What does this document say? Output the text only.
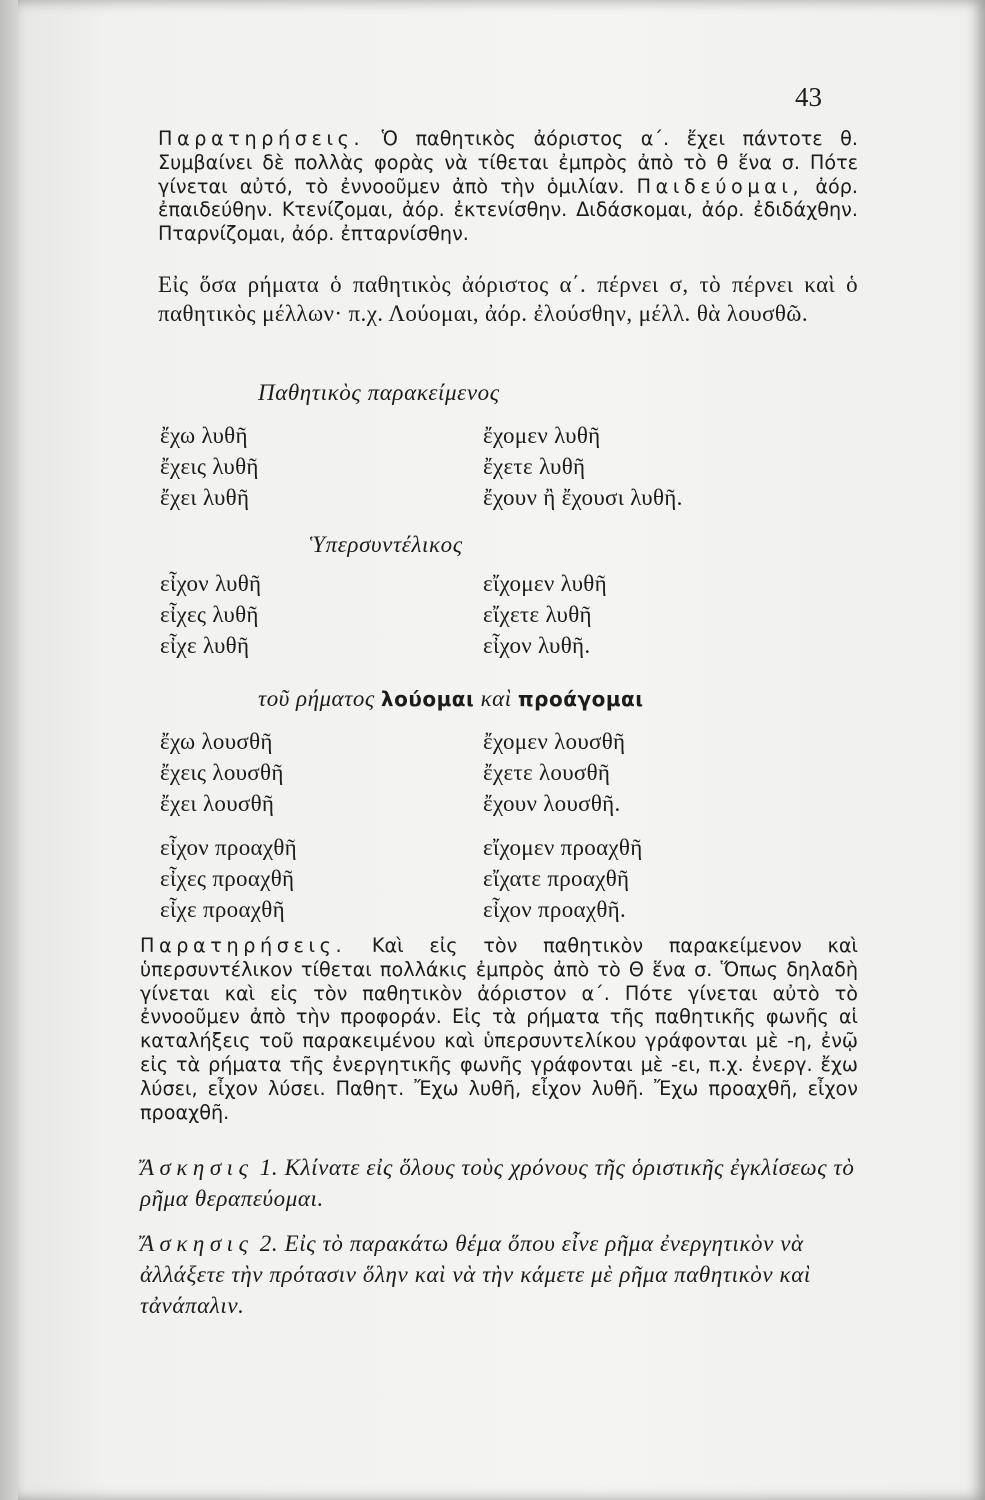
43

Παρατηρήσεις. Ὁ παθητικὸς ἀόριστος α΄. ἔχει πάντοτε θ. Συμβαίνει δὲ πολλὰς φορὰς νὰ τίθεται ἐμπρὸς ἀπὸ τὸ θ ἕνα σ. Πότε γίνεται αὐτό, τὸ ἐννοοῦμεν ἀπὸ τὴν ὁμιλίαν. Παιδεύομαι, ἀόρ. ἐπαιδεύθην. Κτενίζομαι, ἀόρ. ἐκτενίσθην. Διδάσκομαι, ἀόρ. ἐδιδάχθην. Πταρνίζομαι, ἀόρ. ἐπταρνίσθην.

Εἰς ὅσα ρήματα ὁ παθητικὸς ἀόριστος α΄. πέρνει σ, τὸ πέρνει καὶ ὁ παθητικὸς μέλλων· π.χ. Λούομαι, ἀόρ. ἐλούσθην, μέλλ. θὰ λουσθῶ.

Παθητικὸς παρακείμενος
ἔχω λυθῆ
ἔχεις λυθῆ
ἔχει λυθῆ
ἔχομεν λυθῆ
ἔχετε λυθῆ
ἔχουν ἢ ἔχουσι λυθῆ.
Ὑπερσυντέλικος
εἶχον λυθῆ
εἶχες λυθῆ
εἶχε λυθῆ
εἴχομεν λυθῆ
εἴχετε λυθῆ
εἶχον λυθῆ.
τοῦ ρήματος λούομαι καὶ προάγομαι
ἔχω λουσθῆ
ἔχεις λουσθῆ
ἔχει λουσθῆ
ἔχομεν λουσθῆ
ἔχετε λουσθῆ
ἔχουν λουσθῆ.
εἶχον προαχθῆ
εἶχες προαχθῆ
εἶχε προαχθῆ
εἴχομεν προαχθῆ
εἴχατε προαχθῆ
εἶχον προαχθῆ.

Παρατηρήσεις. Καὶ εἰς τὸν παθητικὸν παρακείμενον καὶ ὑπερσυντέλικον τίθεται πολλάκις ἐμπρὸς ἀπὸ τὸ Θ ἕνα σ. Ὅπως δηλαδὴ γίνεται καὶ εἰς τὸν παθητικὸν ἀόριστον α΄. Πότε γίνεται αὐτὸ τὸ ἐννοοῦμεν ἀπὸ τὴν προφοράν. Εἰς τὰ ρήματα τῆς παθητικῆς φωνῆς αἱ καταλήξεις τοῦ παρακειμένου καὶ ὑπερσυντελίκου γράφονται μὲ -η, ἐνῷ εἰς τὰ ρήματα τῆς ἐνεργητικῆς φωνῆς γράφονται μὲ -ει, π.χ. ἐνεργ. ἔχω λύσει, εἶχον λύσει. Παθητ. Ἔχω λυθῆ, εἶχον λυθῆ. Ἔχω προαχθῆ, εἶχον προαχθῆ.

Ἄσκησις 1. Κλίνατε εἰς ὅλους τοὺς χρόνους τῆς ὁριστικῆς ἐγκλίσεως τὸ ρῆμα θεραπεύομαι.
Ἄσκησις 2. Εἰς τὸ παρακάτω θέμα ὅπου εἶνε ρῆμα ἐνεργητικὸν νὰ ἀλλάξετε τὴν πρότασιν ὅλην καὶ νὰ τὴν κάμετε μὲ ρῆμα παθητικὸν καὶ τἀνάπαλιν.
